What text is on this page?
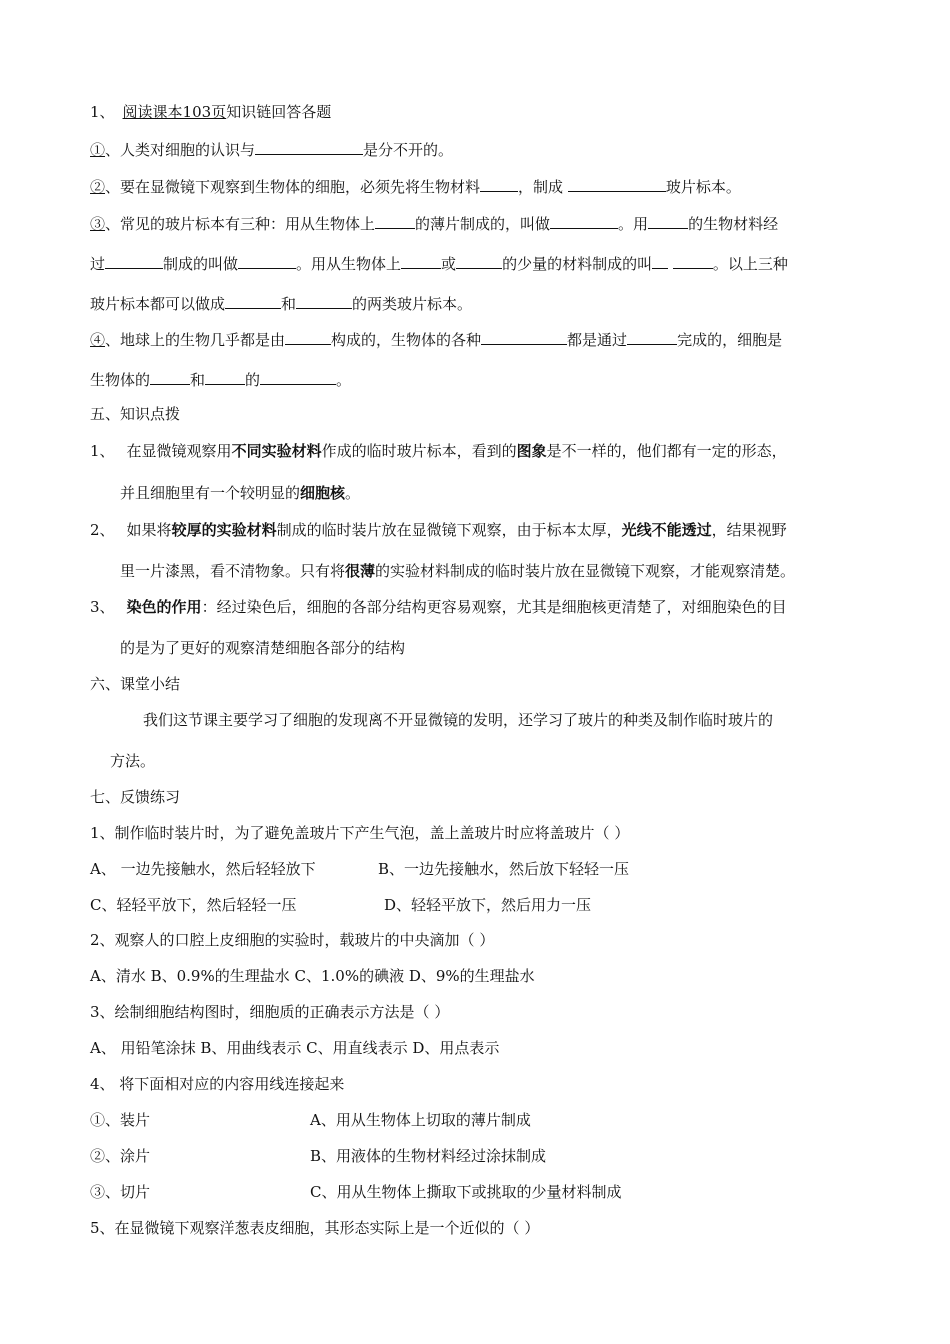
1、 阅读课本103页知识链回答各题
①、人类对细胞的认识与	是分不开的。
②、要在显微镜下观察到生物体的细胞，必须先将生物材料	，制成	玻片标本。
③、常见的玻片标本有三种：用从生物体上	的薄片制成的，叫做	。用	的生物材料经
过	制成的叫做	。用从生物体上	或	的少量的材料制成的叫	。以上三种
玻片标本都可以做成	和	的两类玻片标本。
④、地球上的生物几乎都是由	构成的，生物体的各种	都是通过	完成的，细胞是
生物体的	和	的	。
五、知识点拨
1、 在显微镜观察用不同实验材料作成的临时玻片标本，看到的图象是不一样的，他们都有一定的形态，
并且细胞里有一个较明显的细胞核。
2、 如果将较厚的实验材料制成的临时装片放在显微镜下观察，由于标本太厚，光线不能透过，结果视野
里一片漆黑，看不清物象。只有将很薄的实验材料制成的临时装片放在显微镜下观察，才能观察清楚。
3、 染色的作用：经过染色后，细胞的各部分结构更容易观察，尤其是细胞核更清楚了，对细胞染色的目
的是为了更好的观察清楚细胞各部分的结构
六、课堂小结
我们这节课主要学习了细胞的发现离不开显微镜的发明，还学习了玻片的种类及制作临时玻片的
方法。
七、反馈练习
1、制作临时装片时，为了避免盖玻片下产生气泡，盖上盖玻片时应将盖玻片（ ）
A、 一边先接触水，然后轻轻放下	B、一边先接触水，然后放下轻轻一压
C、轻轻平放下，然后轻轻一压	D、轻轻平放下，然后用力一压
2、观察人的口腔上皮细胞的实验时，载玻片的中央滴加（ ）
A、清水 B、0.9%的生理盐水 C、1.0%的碘液 D、9%的生理盐水
3、绘制细胞结构图时，细胞质的正确表示方法是（ ）
A、 用铅笔涂抹 B、用曲线表示 C、用直线表示 D、用点表示
4、 将下面相对应的内容用线连接起来
①、装片	A、用从生物体上切取的薄片制成
②、涂片	B、用液体的生物材料经过涂抹制成
③、切片	C、用从生物体上撕取下或挑取的少量材料制成
5、在显微镜下观察洋葱表皮细胞，其形态实际上是一个近似的（ ）
